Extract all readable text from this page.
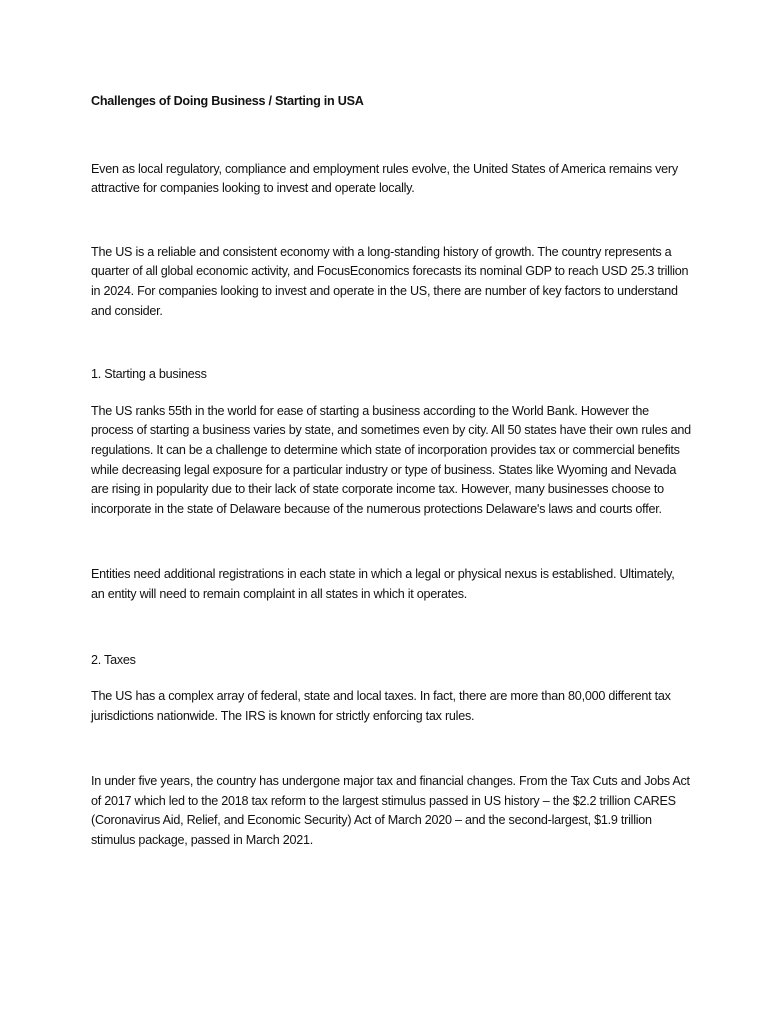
Challenges of Doing Business / Starting in USA

Even as local regulatory, compliance and employment rules evolve, the United States of America remains very attractive for companies looking to invest and operate locally.

The US is a reliable and consistent economy with a long-standing history of growth. The country represents a quarter of all global economic activity, and FocusEconomics forecasts its nominal GDP to reach USD 25.3 trillion in 2024. For companies looking to invest and operate in the US, there are number of key factors to understand and consider.

1. Starting a business

The US ranks 55th in the world for ease of starting a business according to the World Bank. However the process of starting a business varies by state, and sometimes even by city. All 50 states have their own rules and regulations. It can be a challenge to determine which state of incorporation provides tax or commercial benefits while decreasing legal exposure for a particular industry or type of business. States like Wyoming and Nevada are rising in popularity due to their lack of state corporate income tax. However, many businesses choose to incorporate in the state of Delaware because of the numerous protections Delaware's laws and courts offer.

Entities need additional registrations in each state in which a legal or physical nexus is established. Ultimately, an entity will need to remain complaint in all states in which it operates.

2. Taxes

The US has a complex array of federal, state and local taxes. In fact, there are more than 80,000 different tax jurisdictions nationwide. The IRS is known for strictly enforcing tax rules.

In under five years, the country has undergone major tax and financial changes. From the Tax Cuts and Jobs Act of 2017 which led to the 2018 tax reform to the largest stimulus passed in US history – the $2.2 trillion CARES (Coronavirus Aid, Relief, and Economic Security) Act of March 2020 – and the second-largest, $1.9 trillion stimulus package, passed in March 2021.
